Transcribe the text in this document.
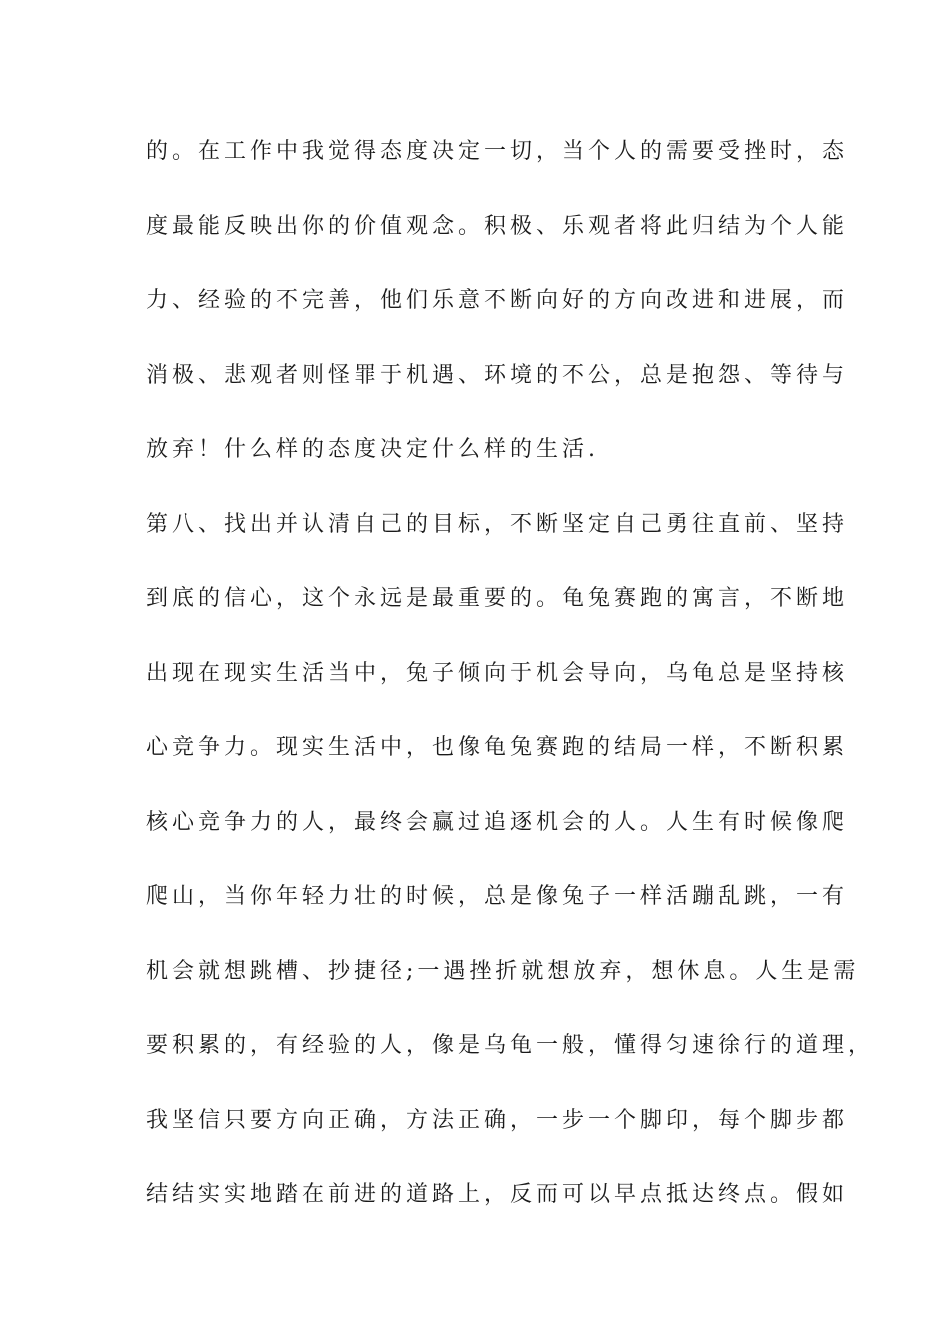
的。在工作中我觉得态度决定一切，当个人的需要受挫时，态
度最能反映出你的价值观念。积极、乐观者将此归结为个人能
力、经验的不完善，他们乐意不断向好的方向改进和进展，而
消极、悲观者则怪罪于机遇、环境的不公，总是抱怨、等待与
放弃！什么样的态度决定什么样的生活.
第八、找出并认清自己的目标，不断坚定自己勇往直前、坚持
到底的信心，这个永远是最重要的。龟兔赛跑的寓言，不断地
出现在现实生活当中，兔子倾向于机会导向，乌龟总是坚持核
心竞争力。现实生活中，也像龟兔赛跑的结局一样，不断积累
核心竞争力的人，最终会赢过追逐机会的人。人生有时候像爬
爬山，当你年轻力壮的时候，总是像兔子一样活蹦乱跳，一有
机会就想跳槽、抄捷径;一遇挫折就想放弃，想休息。人生是需
要积累的，有经验的人，像是乌龟一般，懂得匀速徐行的道理，
我坚信只要方向正确，方法正确，一步一个脚印，每个脚步都
结结实实地踏在前进的道路上，反而可以早点抵达终点。假如
